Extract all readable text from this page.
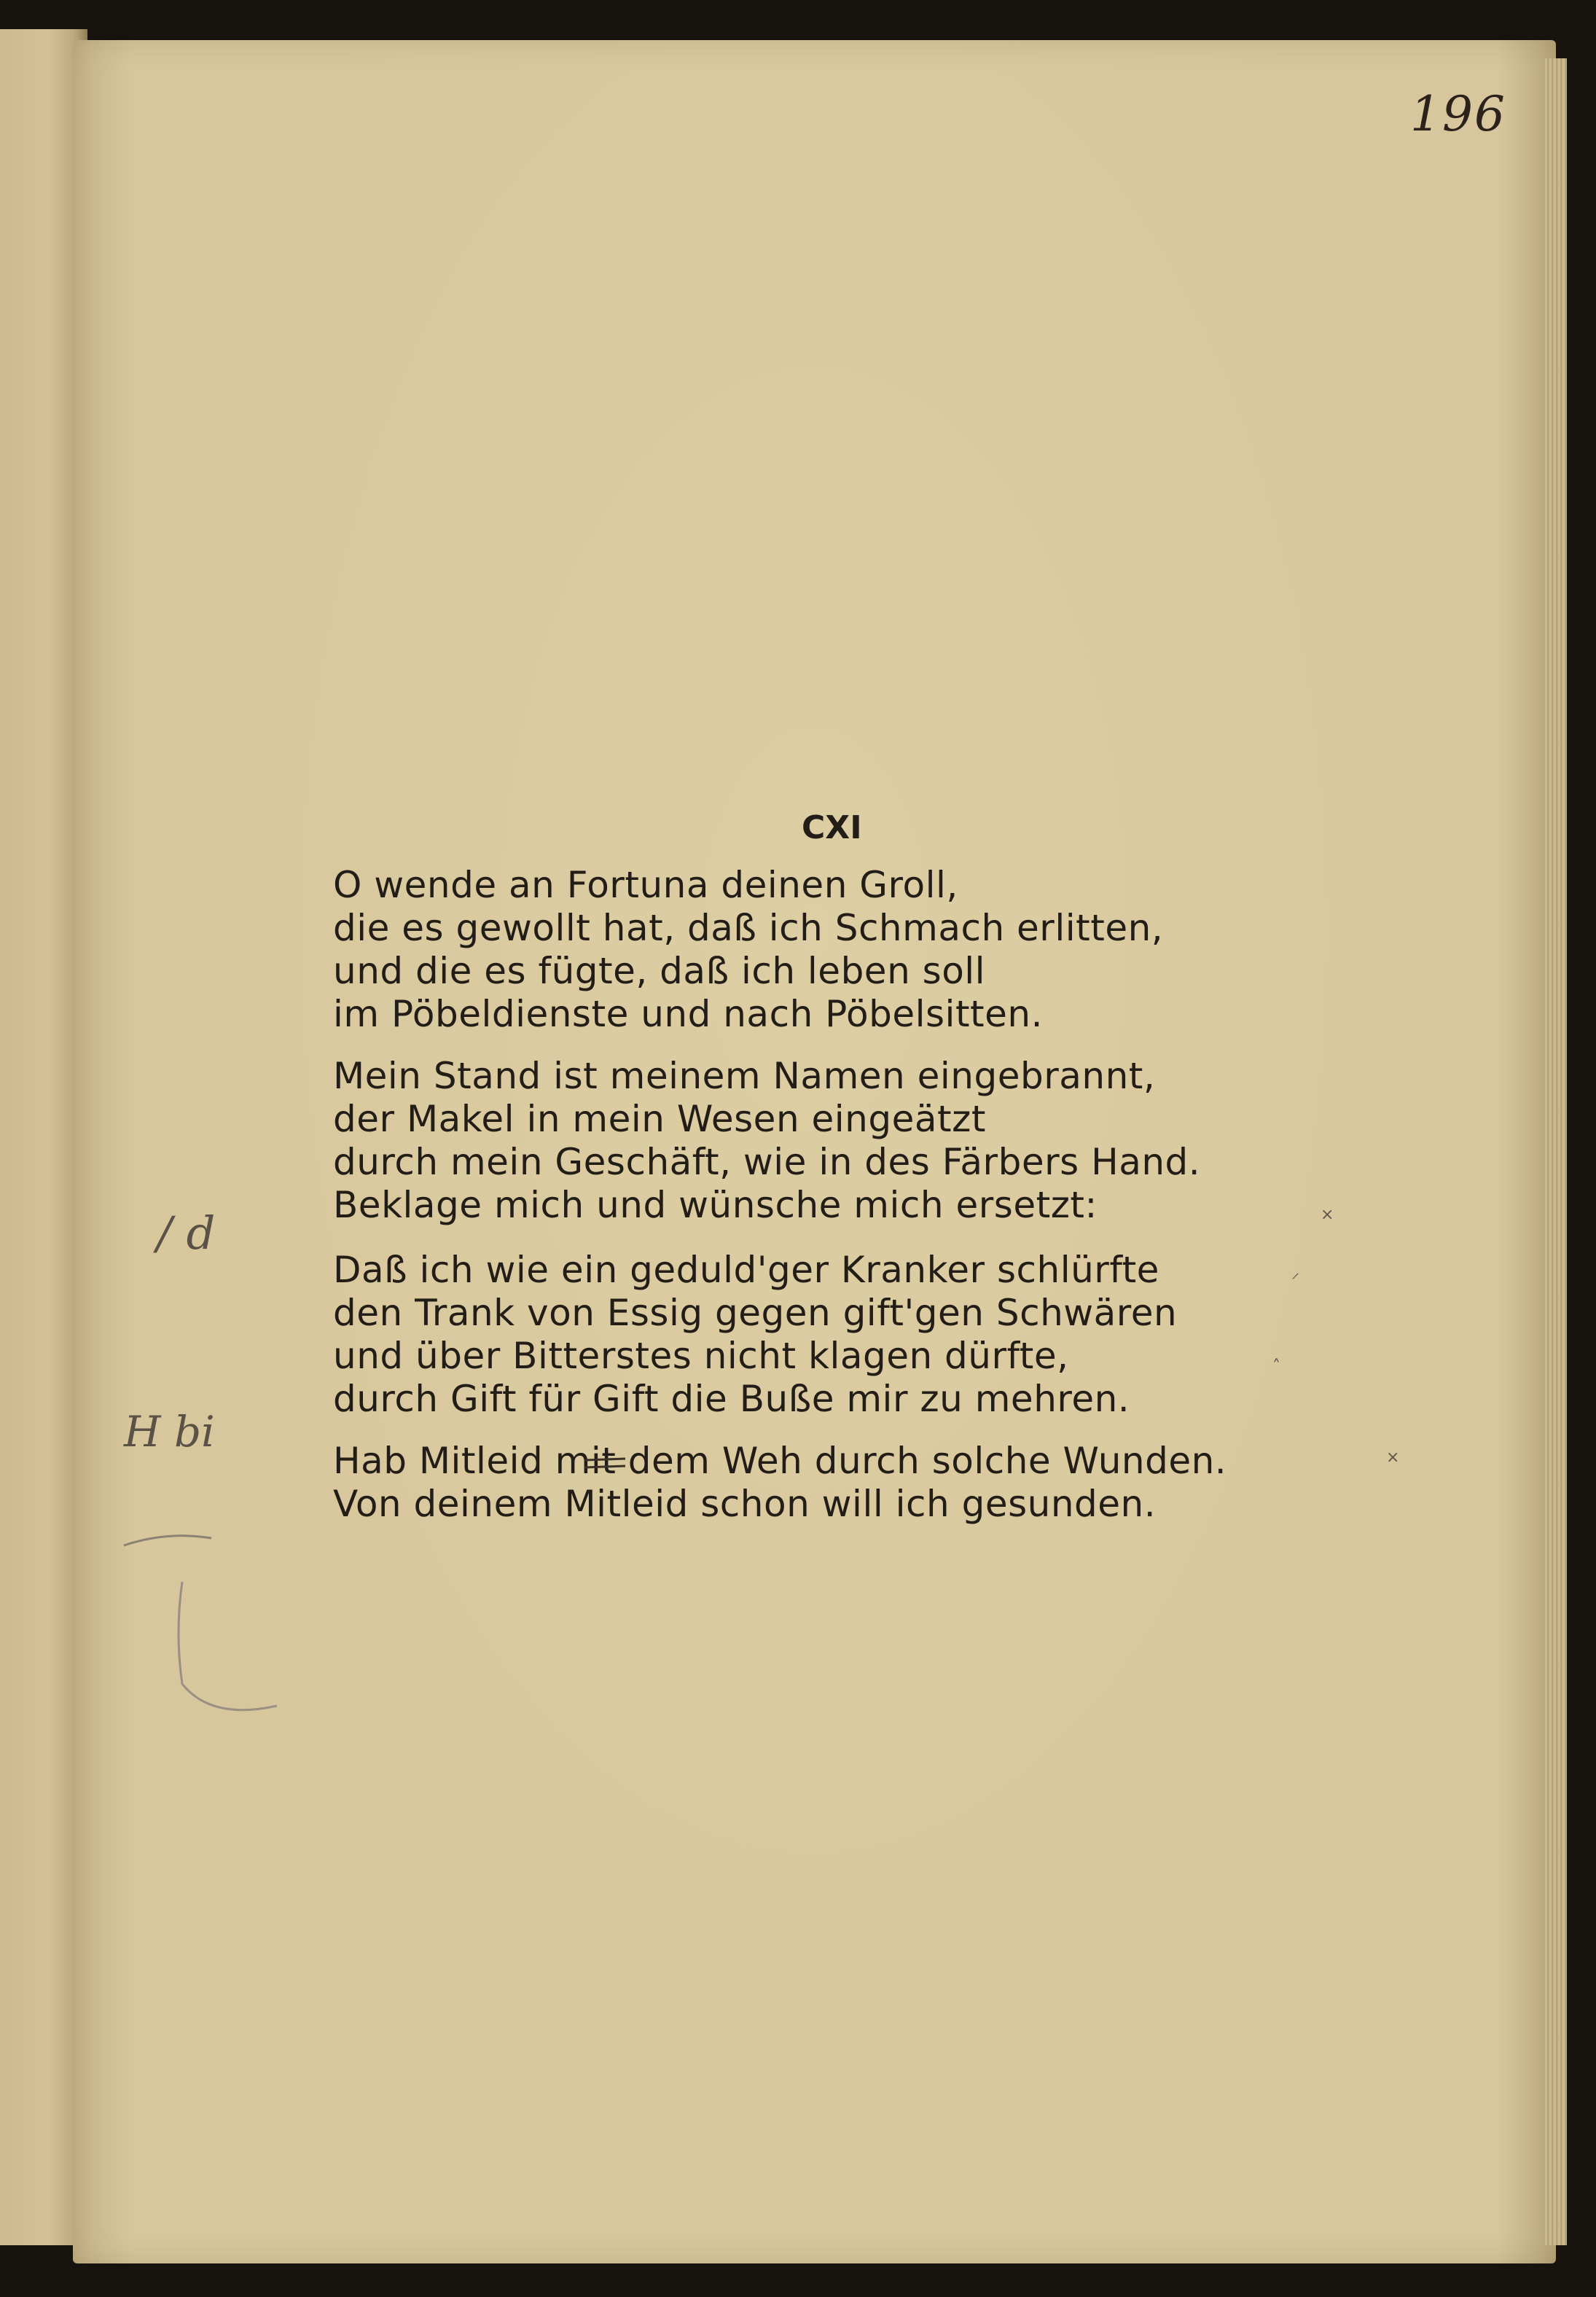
196
CXI
O wende an Fortuna deinen Groll,
die es gewollt hat, daß ich Schmach erlitten,
und die es fügte, daß ich leben soll
im Pöbeldienste und nach Pöbelsitten.
Mein Stand ist meinem Namen eingebrannt,
der Makel in mein Wesen eingeätzt
durch mein Geschäft, wie in des Färbers Hand.
Beklage mich und wünsche mich ersetzt:
Daß ich wie ein geduld'ger Kranker schlürfte
den Trank von Essig gegen gift'gen Schwären
und über Bitterstes nicht klagen dürfte,
durch Gift für Gift die Buße mir zu mehren.
Hab Mitleid mit dem Weh durch solche Wunden.
Von deinem Mitleid schon will ich gesunden.
/ d
H bi
×
⸝
˄
×
